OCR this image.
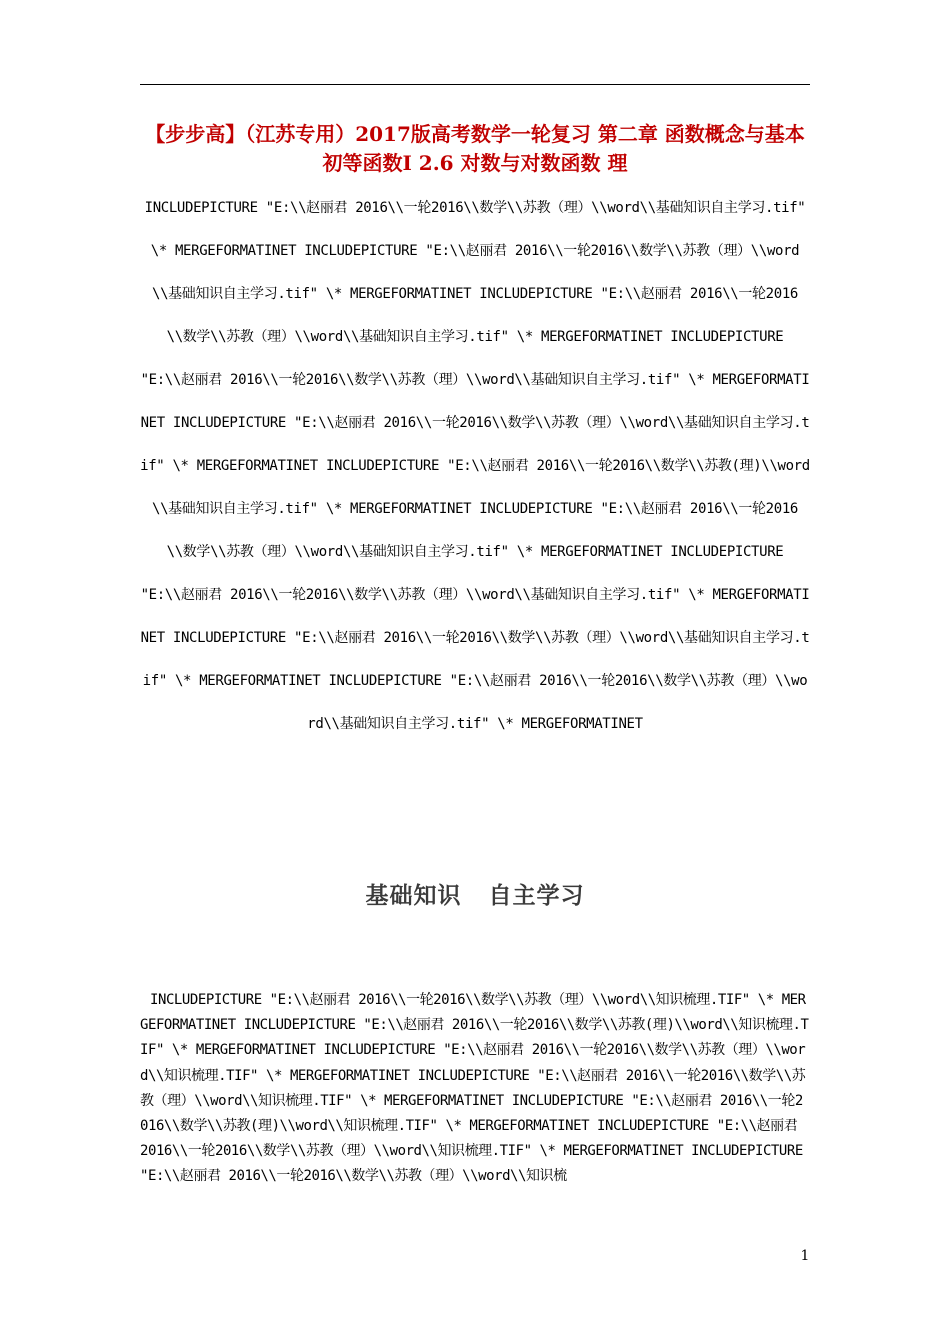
【步步高】（江苏专用）2017版高考数学一轮复习 第二章 函数概念与基本初等函数Ⅰ 2.6 对数与对数函数 理

INCLUDEPICTURE "E:\\赵丽君 2016\\一轮2016\\数学\\苏教（理）\\word\\基础知识自主学习.tif" \* MERGEFORMATINET INCLUDEPICTURE "E:\\赵丽君 2016\\一轮2016\\数学\\苏教（理）\\word\\基础知识自主学习.tif" \* MERGEFORMATINET INCLUDEPICTURE "E:\\赵丽君 2016\\一轮2016\\数学\\苏教（理）\\word\\基础知识自主学习.tif" \* MERGEFORMATINET INCLUDEPICTURE "E:\\赵丽君 2016\\一轮2016\\数学\\苏教（理）\\word\\基础知识自主学习.tif" \* MERGEFORMATINET INCLUDEPICTURE "E:\\赵丽君 2016\\一轮2016\\数学\\苏教（理）\\word\\基础知识自主学习.tif" \* MERGEFORMATINET INCLUDEPICTURE "E:\\赵丽君 2016\\一轮2016\\数学\\苏教(理)\\word\\基础知识自主学习.tif" \* MERGEFORMATINET INCLUDEPICTURE "E:\\赵丽君 2016\\一轮2016\\数学\\苏教（理）\\word\\基础知识自主学习.tif" \* MERGEFORMATINET INCLUDEPICTURE "E:\\赵丽君 2016\\一轮2016\\数学\\苏教（理）\\word\\基础知识自主学习.tif" \* MERGEFORMATINET INCLUDEPICTURE "E:\\赵丽君 2016\\一轮2016\\数学\\苏教（理）\\word\\基础知识自主学习.tif" \* MERGEFORMATINET INCLUDEPICTURE "E:\\赵丽君 2016\\一轮2016\\数学\\苏教（理）\\word\\基础知识自主学习.tif" \* MERGEFORMATINET

基础知识   自主学习

INCLUDEPICTURE "E:\\赵丽君 2016\\一轮2016\\数学\\苏教（理）\\word\\知识梳理.TIF" \* MERGEFORMATINET INCLUDEPICTURE "E:\\赵丽君 2016\\一轮2016\\数学\\苏教(理)\\word\\知识梳理.TIF" \* MERGEFORMATINET INCLUDEPICTURE "E:\\赵丽君 2016\\一轮2016\\数学\\苏教（理）\\word\\知识梳理.TIF" \* MERGEFORMATINET INCLUDEPICTURE "E:\\赵丽君 2016\\一轮2016\\数学\\苏教（理）\\word\\知识梳理.TIF" \* MERGEFORMATINET INCLUDEPICTURE "E:\\赵丽君 2016\\一轮2016\\数学\\苏教(理)\\word\\知识梳理.TIF" \* MERGEFORMATINET INCLUDEPICTURE "E:\\赵丽君 2016\\一轮2016\\数学\\苏教（理）\\word\\知识梳理.TIF" \* MERGEFORMATINET INCLUDEPICTURE "E:\\赵丽君 2016\\一轮2016\\数学\\苏教（理）\\word\\知识梳

1
